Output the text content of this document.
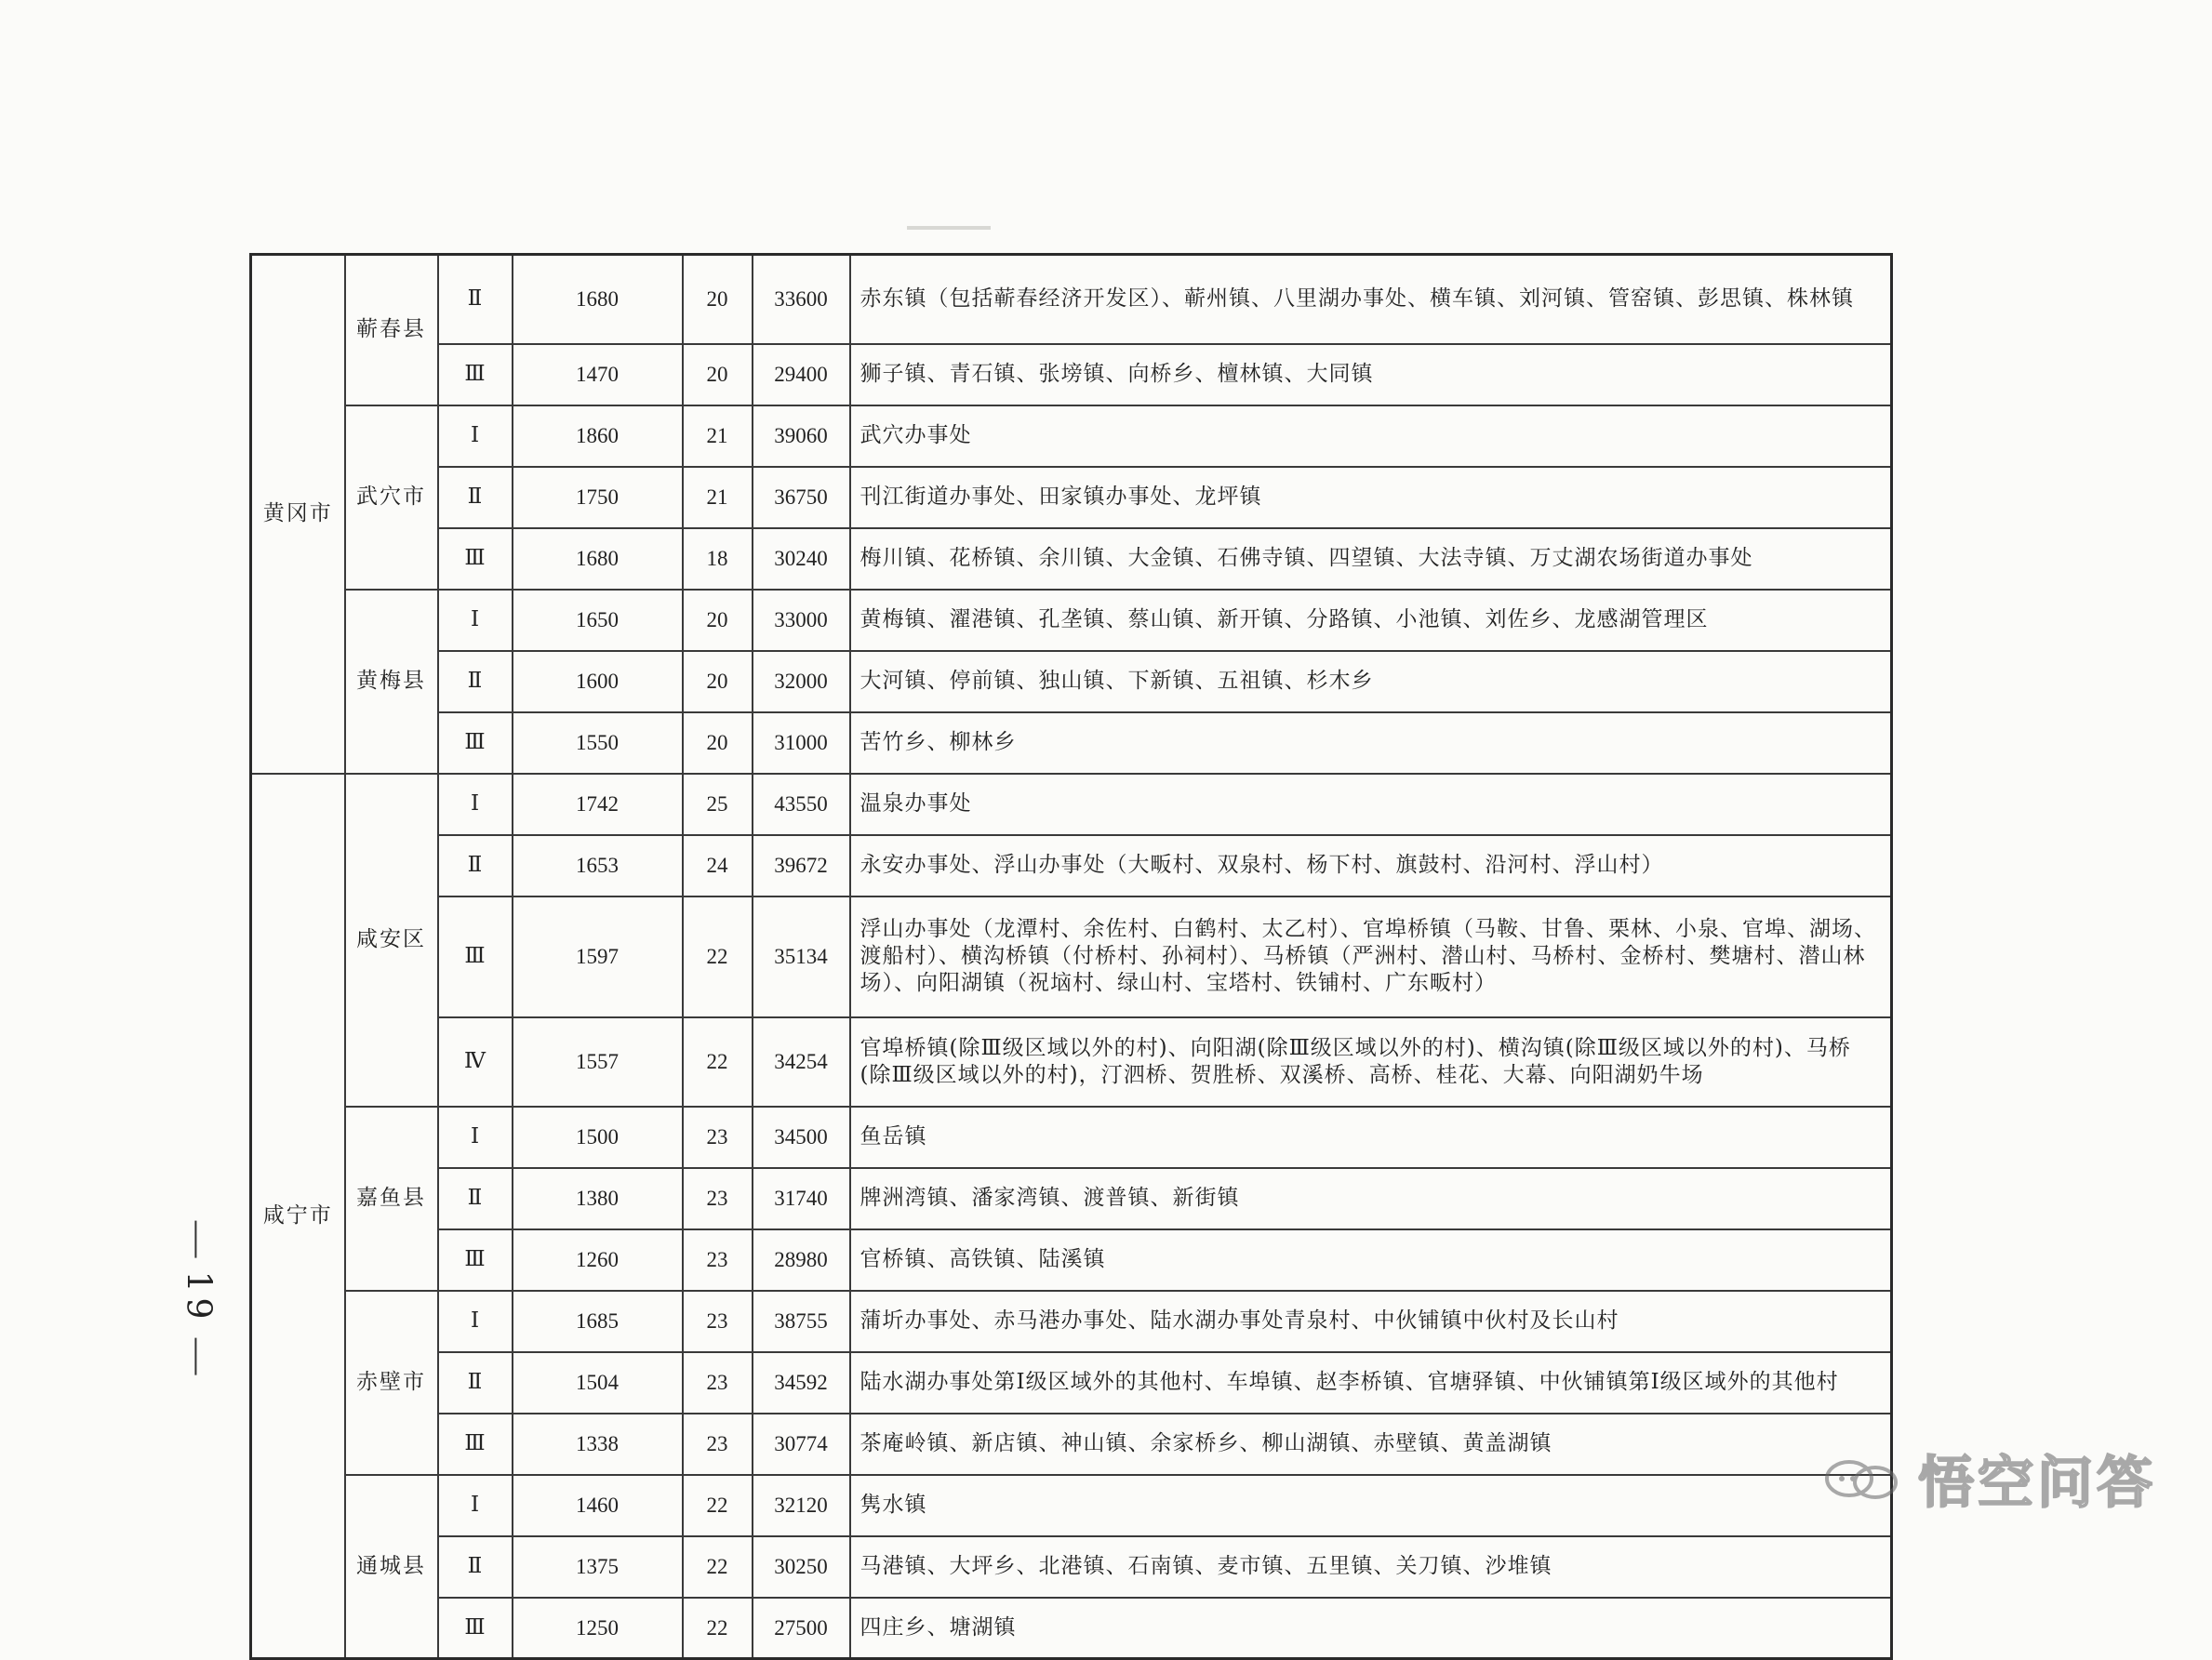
黄冈市	蕲春县	Ⅱ	1680	20	33600	赤东镇（包括蕲春经济开发区）、蕲州镇、八里湖办事处、横车镇、刘河镇、管窑镇、彭思镇、株林镇
		Ⅲ	1470	20	29400	狮子镇、青石镇、张塝镇、向桥乡、檀林镇、大同镇
	武穴市	Ⅰ	1860	21	39060	武穴办事处
		Ⅱ	1750	21	36750	刊江街道办事处、田家镇办事处、龙坪镇
		Ⅲ	1680	18	30240	梅川镇、花桥镇、余川镇、大金镇、石佛寺镇、四望镇、大法寺镇、万丈湖农场街道办事处
	黄梅县	Ⅰ	1650	20	33000	黄梅镇、濯港镇、孔垄镇、蔡山镇、新开镇、分路镇、小池镇、刘佐乡、龙感湖管理区
		Ⅱ	1600	20	32000	大河镇、停前镇、独山镇、下新镇、五祖镇、杉木乡
		Ⅲ	1550	20	31000	苦竹乡、柳林乡
咸宁市	咸安区	Ⅰ	1742	25	43550	温泉办事处
		Ⅱ	1653	24	39672	永安办事处、浮山办事处（大畈村、双泉村、杨下村、旗鼓村、沿河村、浮山村）
		Ⅲ	1597	22	35134	浮山办事处（龙潭村、余佐村、白鹤村、太乙村）、官埠桥镇（马鞍、甘鲁、栗林、小泉、官埠、湖场、渡船村）、横沟桥镇（付桥村、孙祠村）、马桥镇（严洲村、潜山村、马桥村、金桥村、樊塘村、潜山林场）、向阳湖镇（祝垴村、绿山村、宝塔村、铁铺村、广东畈村）
		Ⅳ	1557	22	34254	官埠桥镇(除Ⅲ级区域以外的村)、向阳湖(除Ⅲ级区域以外的村)、横沟镇(除Ⅲ级区域以外的村)、马桥(除Ⅲ级区域以外的村)，汀泗桥、贺胜桥、双溪桥、高桥、桂花、大幕、向阳湖奶牛场
	嘉鱼县	Ⅰ	1500	23	34500	鱼岳镇
		Ⅱ	1380	23	31740	牌洲湾镇、潘家湾镇、渡普镇、新街镇
		Ⅲ	1260	23	28980	官桥镇、高铁镇、陆溪镇
	赤壁市	Ⅰ	1685	23	38755	蒲圻办事处、赤马港办事处、陆水湖办事处青泉村、中伙铺镇中伙村及长山村
		Ⅱ	1504	23	34592	陆水湖办事处第Ⅰ级区域外的其他村、车埠镇、赵李桥镇、官塘驿镇、中伙铺镇第Ⅰ级区域外的其他村
		Ⅲ	1338	23	30774	茶庵岭镇、新店镇、神山镇、余家桥乡、柳山湖镇、赤壁镇、黄盖湖镇
	通城县	Ⅰ	1460	22	32120	隽水镇
		Ⅱ	1375	22	30250	马港镇、大坪乡、北港镇、石南镇、麦市镇、五里镇、关刀镇、沙堆镇
		Ⅲ	1250	22	27500	四庄乡、塘湖镇
19
悟空问答
